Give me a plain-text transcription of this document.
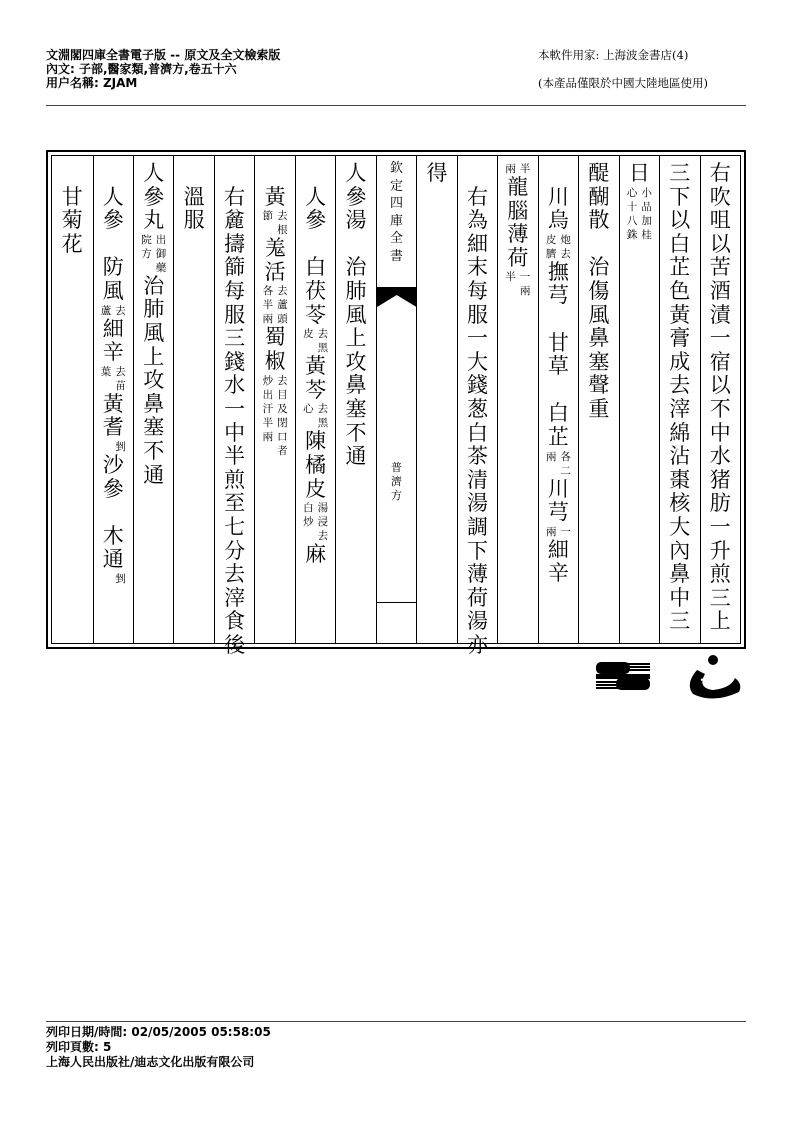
文淵閣四庫全書電子版 -- 原文及全文檢索版
內文: 子部,醫家類,普濟方,卷五十六
用户名稱: ZJAM
本軟件用家: 上海波金書店(4)
(本產品僅限於中國大陸地區使用)
右
吹
咀
以
苦
酒
漬
一
宿
以
不
中
水
猪
肪
一
升
煎
三
上
三
下
以
白
芷
色
黃
膏
成
去
滓
綿
沾
棗
核
大
內
鼻
中
三
日
小
品
加
桂
心
十
八
銖
醍
醐
散
治
傷
風
鼻
塞
聲
重
川
烏
炮
去
皮
臍
撫
芎
甘
草
白
芷
各
二
兩
川
芎
一
兩
細
辛
半
兩
龍
腦
薄
荷
一
兩
半
右
為
細
末
每
服
一
大
錢
葱
白
茶
清
湯
調
下
薄
荷
湯
亦
得
欽
定
四
庫
全
書
普
濟
方
人
參
湯
治
肺
風
上
攻
鼻
塞
不
通
人
參
白
茯
苓
去
黑
皮
黃
芩
去
黑
心
陳
橘
皮
湯
浸
去
白
炒
麻
黃
去
根
節
羗
活
去
蘆
頭
各
半
兩
蜀
椒
去
目
及
閉
口
者
炒
出
汗
半
兩
右
麄
擣
篩
每
服
三
錢
水
一
中
半
煎
至
七
分
去
滓
食
後
溫
服
人
參
丸
出
御
藥
院
方
治
肺
風
上
攻
鼻
塞
不
通
人
參
防
風
去
蘆
細
辛
去
苗
葉
黃
耆
剉
沙
參
木
通
剉
甘
菊
花
列印日期/時間: 02/05/2005 05:58:05
列印頁數: 5
上海人民出版社/迪志文化出版有限公司
